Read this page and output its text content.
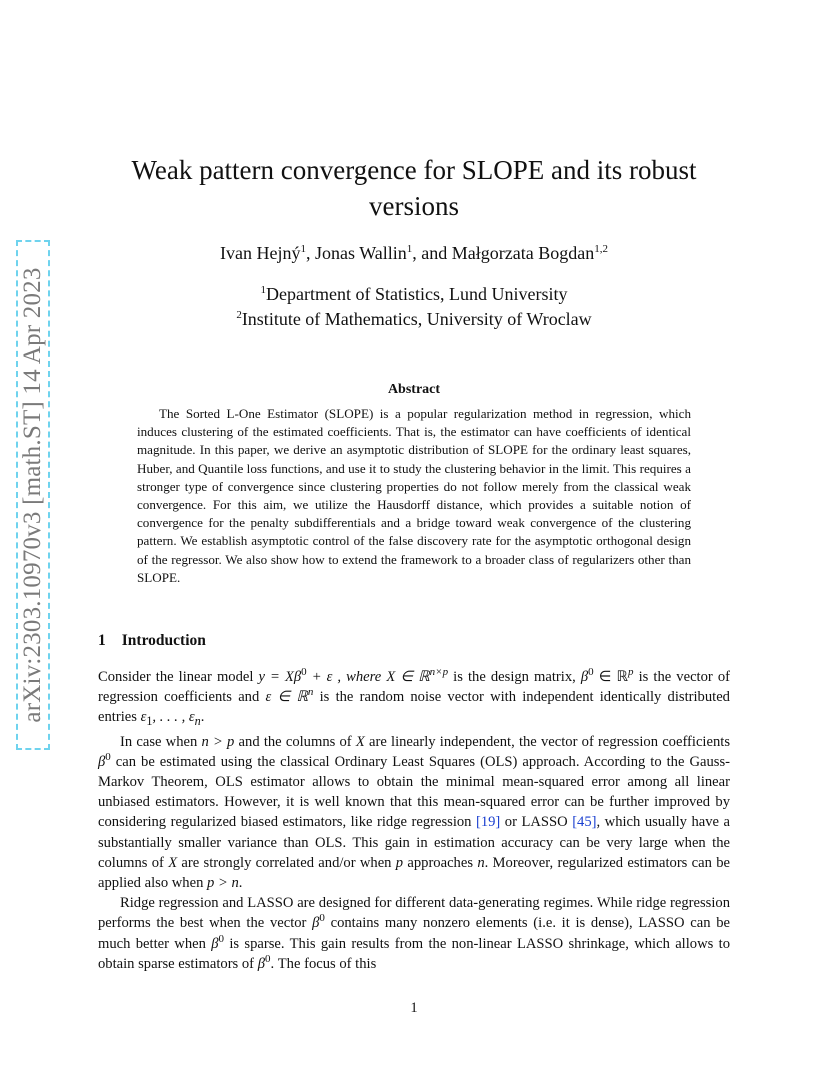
arXiv:2303.10970v3 [math.ST] 14 Apr 2023
Weak pattern convergence for SLOPE and its robust versions
Ivan Hejný$^1$, Jonas Wallin$^1$, and Małgorzata Bogdan$^{1,2}$
$^1$Department of Statistics, Lund University
$^2$Institute of Mathematics, University of Wroclaw
Abstract

The Sorted L-One Estimator (SLOPE) is a popular regularization method in regression, which induces clustering of the estimated coefficients. That is, the estimator can have coefficients of identical magnitude. In this paper, we derive an asymptotic distribution of SLOPE for the ordinary least squares, Huber, and Quantile loss functions, and use it to study the clustering behavior in the limit. This requires a stronger type of convergence since clustering properties do not follow merely from the classical weak convergence. For this aim, we utilize the Hausdorff distance, which provides a suitable notion of convergence for the penalty subdifferentials and a bridge toward weak convergence of the clustering pattern. We establish asymptotic control of the false discovery rate for the asymptotic orthogonal design of the regressor. We also show how to extend the framework to a broader class of regularizers other than SLOPE.

1 Introduction

Consider the linear model $y = X\beta^0 + \varepsilon$ , where X ∈ ℝ$^{n\times p}$ is the design matrix, $\beta^0$ ∈ ℝ$^p$ is the vector of regression coefficients and ε ∈ ℝ$^n$ is the random noise vector with independent identically distributed entries $\varepsilon_1$, . . . , $\varepsilon_n$.

In case when n > p and the columns of X are linearly independent, the vector of regression coefficients $\beta^0$ can be estimated using the classical Ordinary Least Squares (OLS) approach. According to the Gauss-Markov Theorem, OLS estimator allows to obtain the minimal mean-squared error among all linear unbiased estimators. However, it is well known that this mean-squared error can be further improved by considering regularized biased estimators, like ridge regression [19] or LASSO [45], which usually have a substantially smaller variance than OLS. This gain in estimation accuracy can be very large when the columns of X are strongly correlated and/or when p approaches n. Moreover, regularized estimators can be applied also when p > n.

Ridge regression and LASSO are designed for different data-generating regimes. While ridge regression performs the best when the vector $\beta^0$ contains many nonzero elements (i.e. it is dense), LASSO can be much better when $\beta^0$ is sparse. This gain results from the non-linear LASSO shrinkage, which allows to obtain sparse estimators of $\beta^0$. The focus of this

1
